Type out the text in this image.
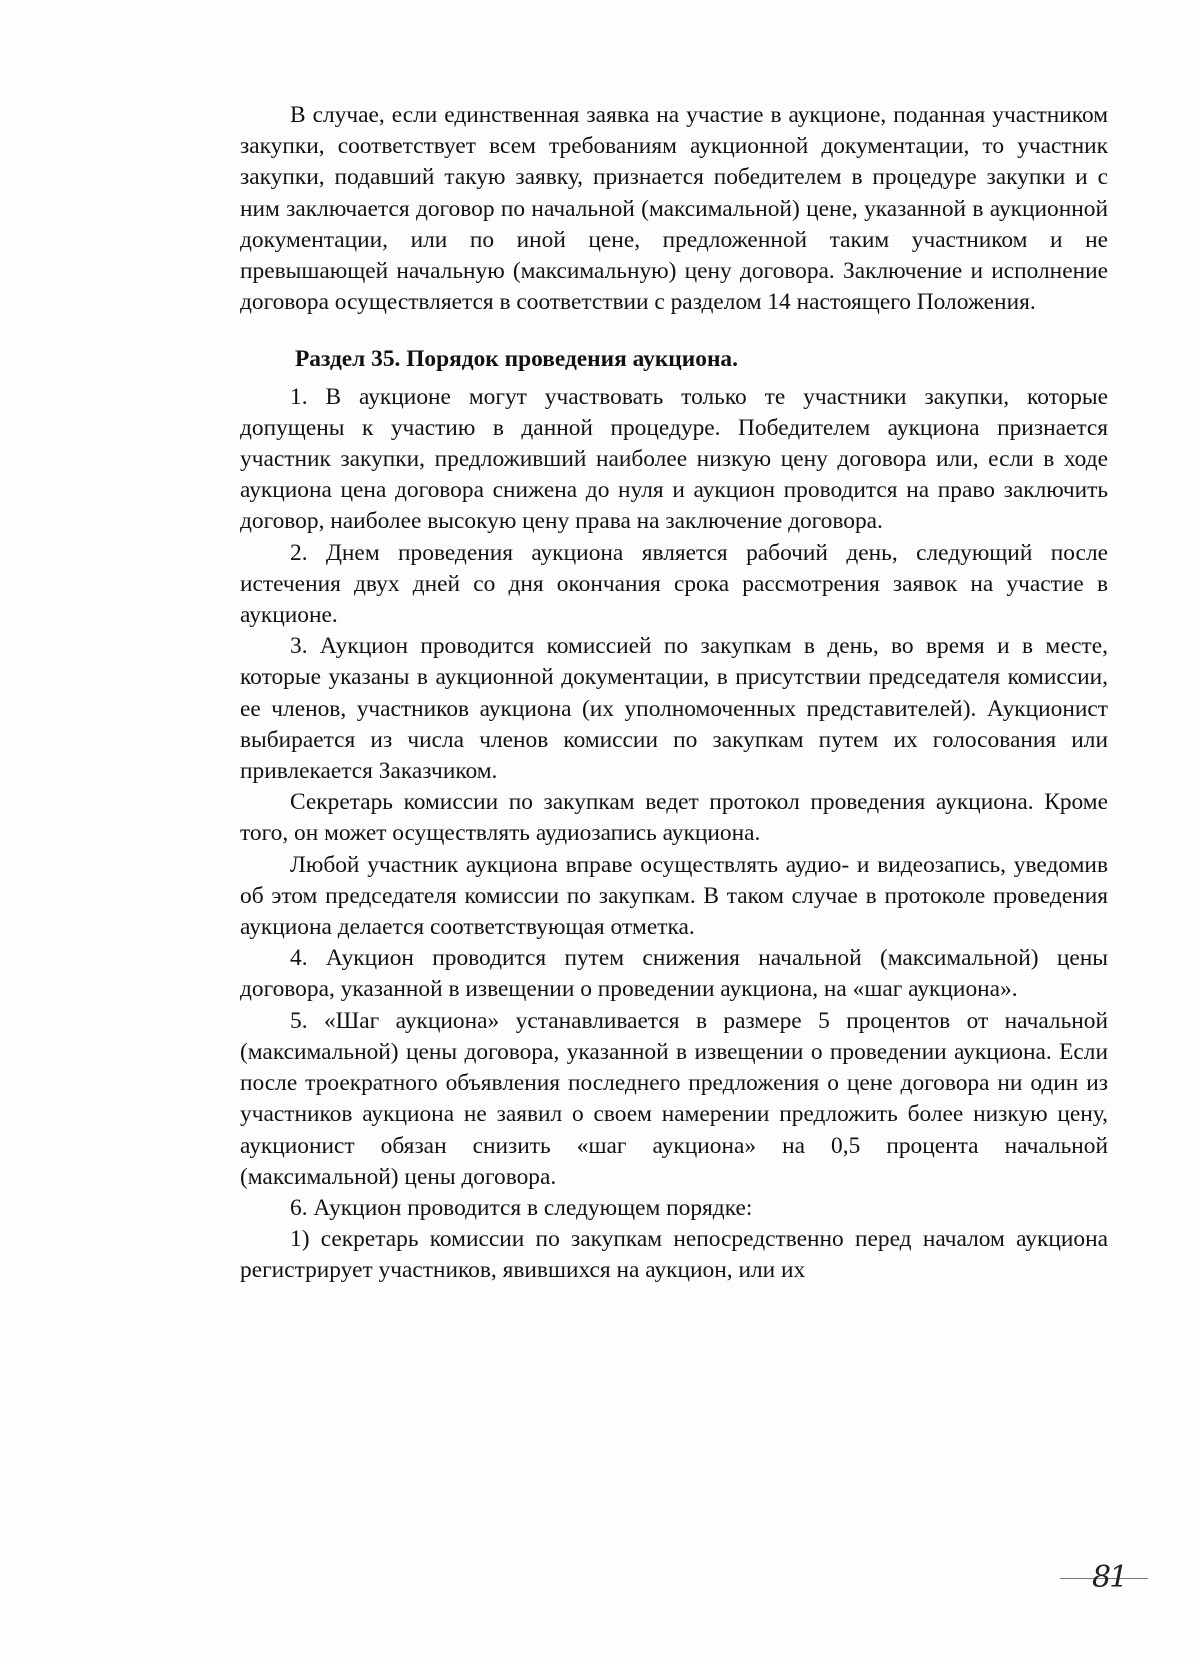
В случае, если единственная заявка на участие в аукционе, поданная участником закупки, соответствует всем требованиям аукционной документации, то участник закупки, подавший такую заявку, признается победителем в процедуре закупки и с ним заключается договор по начальной (максимальной) цене, указанной в аукционной документации, или по иной цене, предложенной таким участником и не превышающей начальную (максимальную) цену договора. Заключение и исполнение договора осуществляется в соответствии с разделом 14 настоящего Положения.

Раздел 35. Порядок проведения аукциона.

1. В аукционе могут участвовать только те участники закупки, которые допущены к участию в данной процедуре. Победителем аукциона признается участник закупки, предложивший наиболее низкую цену договора или, если в ходе аукциона цена договора снижена до нуля и аукцион проводится на право заключить договор, наиболее высокую цену права на заключение договора.

2. Днем проведения аукциона является рабочий день, следующий после истечения двух дней со дня окончания срока рассмотрения заявок на участие в аукционе.

3. Аукцион проводится комиссией по закупкам в день, во время и в месте, которые указаны в аукционной документации, в присутствии председателя комиссии, ее членов, участников аукциона (их уполномоченных представителей). Аукционист выбирается из числа членов комиссии по закупкам путем их голосования или привлекается Заказчиком.

Секретарь комиссии по закупкам ведет протокол проведения аукциона. Кроме того, он может осуществлять аудиозапись аукциона.

Любой участник аукциона вправе осуществлять аудио- и видеозапись, уведомив об этом председателя комиссии по закупкам. В таком случае в протоколе проведения аукциона делается соответствующая отметка.

4. Аукцион проводится путем снижения начальной (максимальной) цены договора, указанной в извещении о проведении аукциона, на «шаг аукциона».

5. «Шаг аукциона» устанавливается в размере 5 процентов от начальной (максимальной) цены договора, указанной в извещении о проведении аукциона. Если после троекратного объявления последнего предложения о цене договора ни один из участников аукциона не заявил о своем намерении предложить более низкую цену, аукционист обязан снизить «шаг аукциона» на 0,5 процента начальной (максимальной) цены договора.

6. Аукцион проводится в следующем порядке:

1) секретарь комиссии по закупкам непосредственно перед началом аукциона регистрирует участников, явившихся на аукцион, или их

81
